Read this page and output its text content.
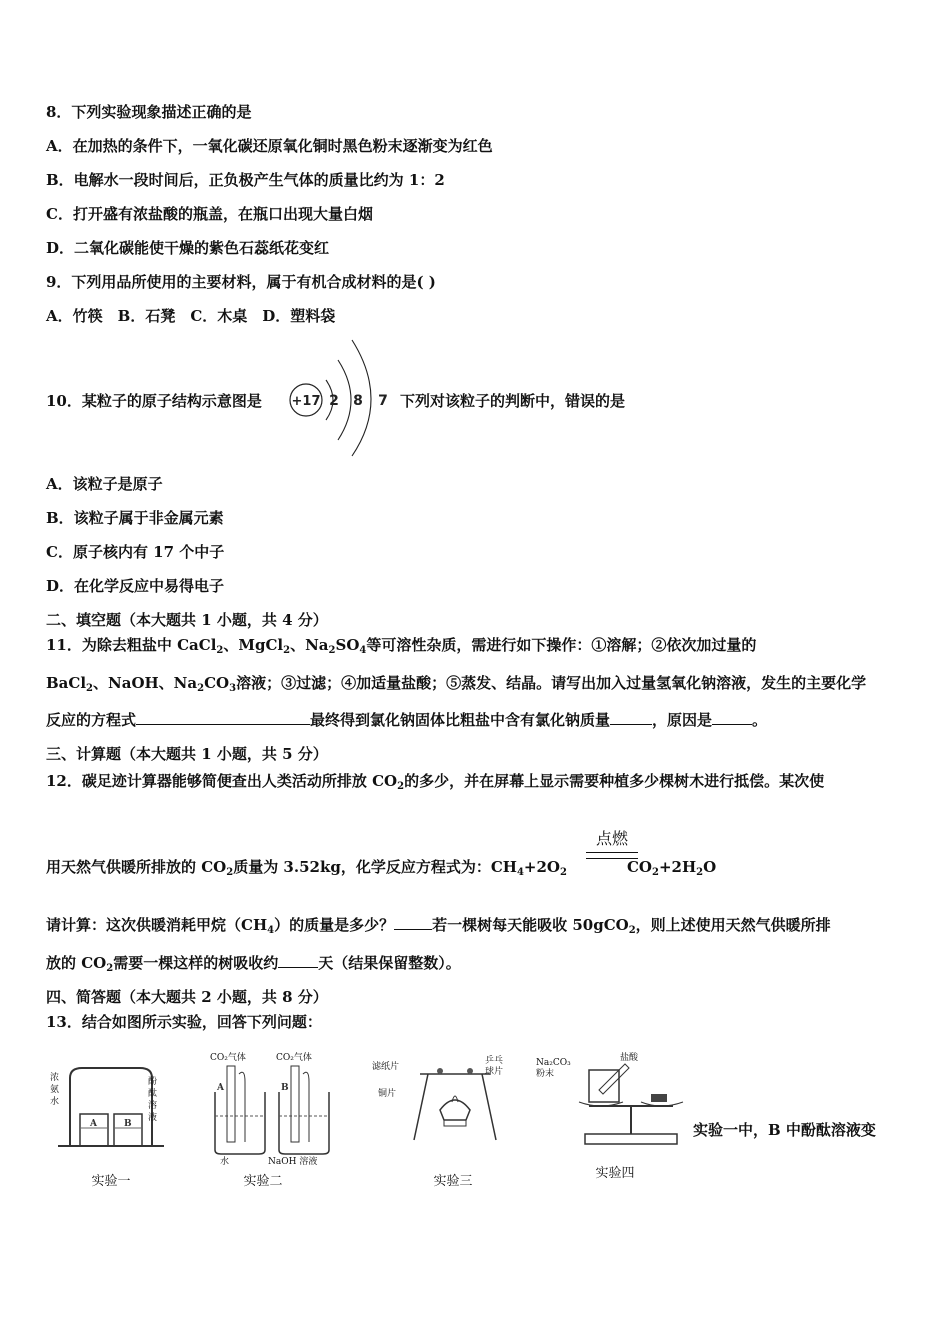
8．下列实验现象描述正确的是
A．在加热的条件下，一氧化碳还原氧化铜时黑色粉末逐渐变为红色
B．电解水一段时间后，正负极产生气体的质量比约为 1：2
C．打开盛有浓盐酸的瓶盖，在瓶口出现大量白烟
D．二氧化碳能使干燥的紫色石蕊纸花变红
9．下列用品所使用的主要材料，属于有机合成材料的是( )
A．竹筷　B．石凳　C．木桌　D．塑料袋
10．某粒子的原子结构示意图是 +17 2 8 7 下列对该粒子的判断中，错误的是
A．该粒子是原子
B．该粒子属于非金属元素
C．原子核内有 17 个中子
D．在化学反应中易得电子
二、填空题（本大题共 1 小题，共 4 分）
11．为除去粗盐中 CaCl$_2$、MgCl$_2$、$Na_2SO_4$等可溶性杂质，需进行如下操作：①溶解；②依次加过量的
BaCl$_2$、NaOH、$Na_2CO_3$溶液；③过滤；④加适量盐酸；⑤蒸发、结晶。请写出加入过量氢氧化钠溶液，发生的主要化学
反应的方程式	最终得到氯化钠固体比粗盐中含有氯化钠质量	，原因是	。
三、计算题（本大题共 1 小题，共 5 分）
12．碳足迹计算器能够简便查出人类活动所排放 $CO_2$的多少，并在屏幕上显示需要种植多少棵树木进行抵偿。某次使
用天然气供暖所排放的 $CO_2$质量为 3.52kg，化学反应方程式为：$CH_4+2O_2$	$CO_2+2H_2O$
点燃
请计算：这次供暖消耗甲烷$(CH_4)$的质量是多少？	若一棵树每天能吸收 50gCO$_2$，则上述使用天然气供暖所排
放的 $CO_2$需要一棵这样的树吸收约	天（结果保留整数）。
四、简答题（本大题共 2 小题，共 8 分）
13．结合如图所示实验，回答下列问题：
A	B
浓氨水
酚酞溶液
实验一
A	B
CO₂气体	CO₂气体
水	NaOH 溶液
实验二
滤纸片
铜片
乒乓球片
实验三
Na₂CO₃粉末
盐酸
实验四
实验一中，B 中酚酞溶液变
